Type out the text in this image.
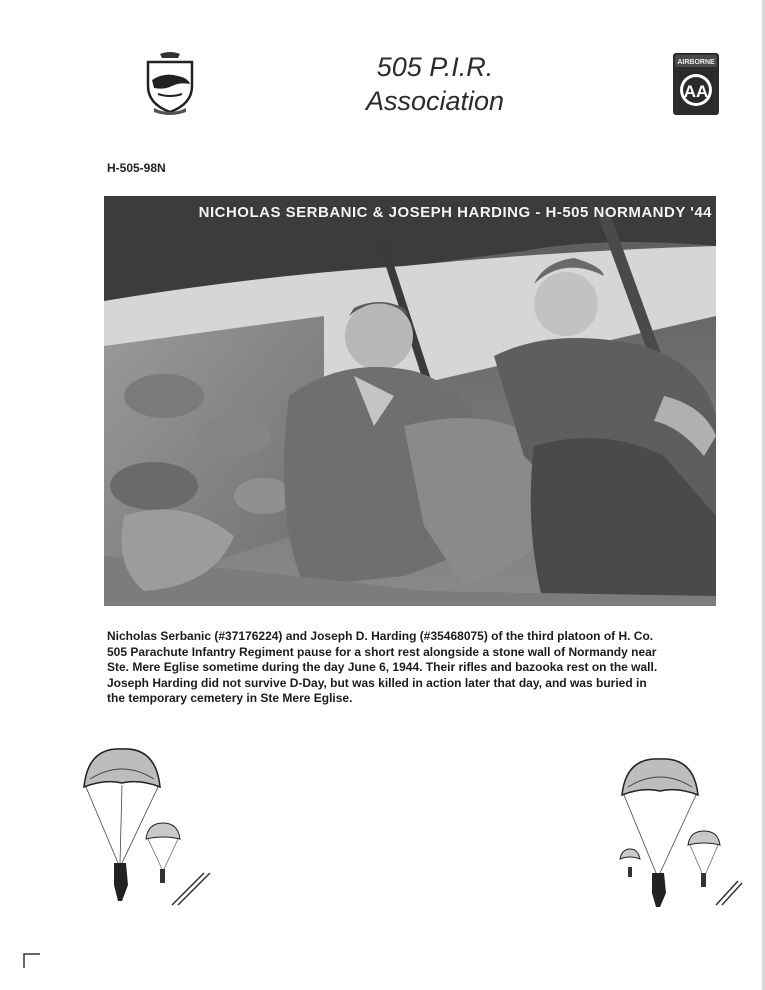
505 P.I.R.
Association
AIRBORNE
AA
H-505-98N
NICHOLAS SERBANIC & JOSEPH HARDING - H-505 NORMANDY '44
Nicholas Serbanic (#37176224) and Joseph D. Harding (#35468075) of the third platoon of H. Co. 505 Parachute Infantry Regiment pause for a short rest alongside a stone wall of Normandy near Ste. Mere Eglise sometime during the day June 6, 1944. Their rifles and bazooka rest on the wall. Joseph Harding did not survive D-Day, but was killed in action later that day, and was buried in the temporary cemetery in Ste Mere Eglise.
